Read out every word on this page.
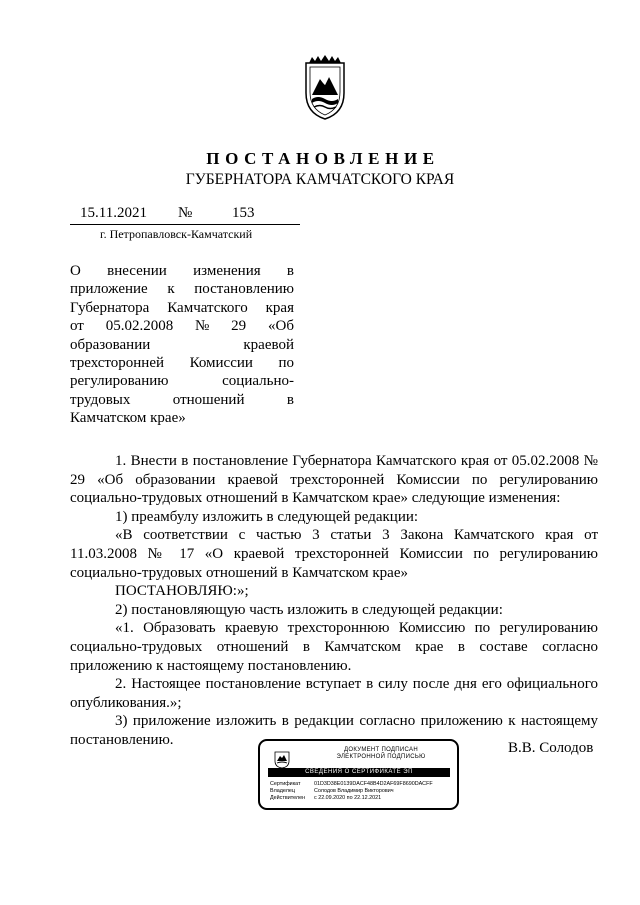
ПОСТАНОВЛЕНИЕ
ГУБЕРНАТОРА КАМЧАТСКОГО КРАЯ
15.11.2021 №	153
г. Петропавловск-Камчатский
О внесении изменения в
приложение к постановлению
Губернатора Камчатского края
от 05.02.2008 № 29 «Об
образовании	краевой
трехсторонней Комиссии по
регулированию	социально-
трудовых	отношений	в
Камчатском крае»

1. Внести в постановление Губернатора Камчатского края от 05.02.2008 № 29 «Об образовании краевой трехсторонней Комиссии по регулированию социально-трудовых отношений в Камчатском крае» следующие изменения:

1) преамбулу изложить в следующей редакции:

«В соответствии с частью 3 статьи 3 Закона Камчатского края от 11.03.2008 № 17 «О краевой трехсторонней Комиссии по регулированию социально-трудовых отношений в Камчатском крае»

ПОСТАНОВЛЯЮ:»;

2) постановляющую часть изложить в следующей редакции:

«1. Образовать краевую трехстороннюю Комиссию по регулированию социально-трудовых отношений в Камчатском крае в составе согласно приложению к настоящему постановлению.

2. Настоящее постановление вступает в силу после дня его официального опубликования.»;

3) приложение изложить в редакции согласно приложению к настоящему постановлению.

ДОКУМЕНТ ПОДПИСАН
ЭЛЕКТРОННОЙ ПОДПИСЬЮ
СВЕДЕНИЯ О СЕРТИФИКАТЕ ЭП
Сертификат 01D3D38E0139DACF48B4D2AF69F8690DACFF
Владелец	Солодов Владимир Викторович
Действителен с 22.09.2020 по 22.12.2021
В.В. Солодов
